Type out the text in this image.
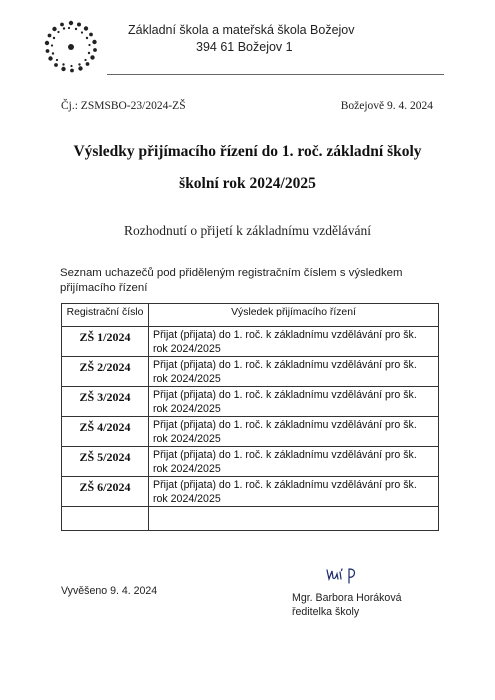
Základní škola a mateřská škola Božejov
394 61 Božejov 1
Čj.: ZSMSBO-23/2024-ZŠ	Božejově 9. 4. 2024
Výsledky přijímacího řízení do 1. roč. základní školy
školní rok 2024/2025
Rozhodnutí o přijetí k základnímu vzdělávání
Seznam uchazečů pod přiděleným registračním číslem s výsledkem přijímacího řízení
Registrační číslo	Výsledek přijímacího řízení
ZŠ 1/2024	Přijat (přijata) do 1. roč. k základnímu vzdělávání pro šk. rok 2024/2025
ZŠ 2/2024	Přijat (přijata) do 1. roč. k základnímu vzdělávání pro šk. rok 2024/2025
ZŠ 3/2024	Přijat (přijata) do 1. roč. k základnímu vzdělávání pro šk. rok 2024/2025
ZŠ 4/2024	Přijat (přijata) do 1. roč. k základnímu vzdělávání pro šk. rok 2024/2025
ZŠ 5/2024	Přijat (přijata) do 1. roč. k základnímu vzdělávání pro šk. rok 2024/2025
ZŠ 6/2024	Přijat (přijata) do 1. roč. k základnímu vzdělávání pro šk. rok 2024/2025

Vyvěšeno 9. 4. 2024
Mgr. Barbora Horáková
ředitelka školy
